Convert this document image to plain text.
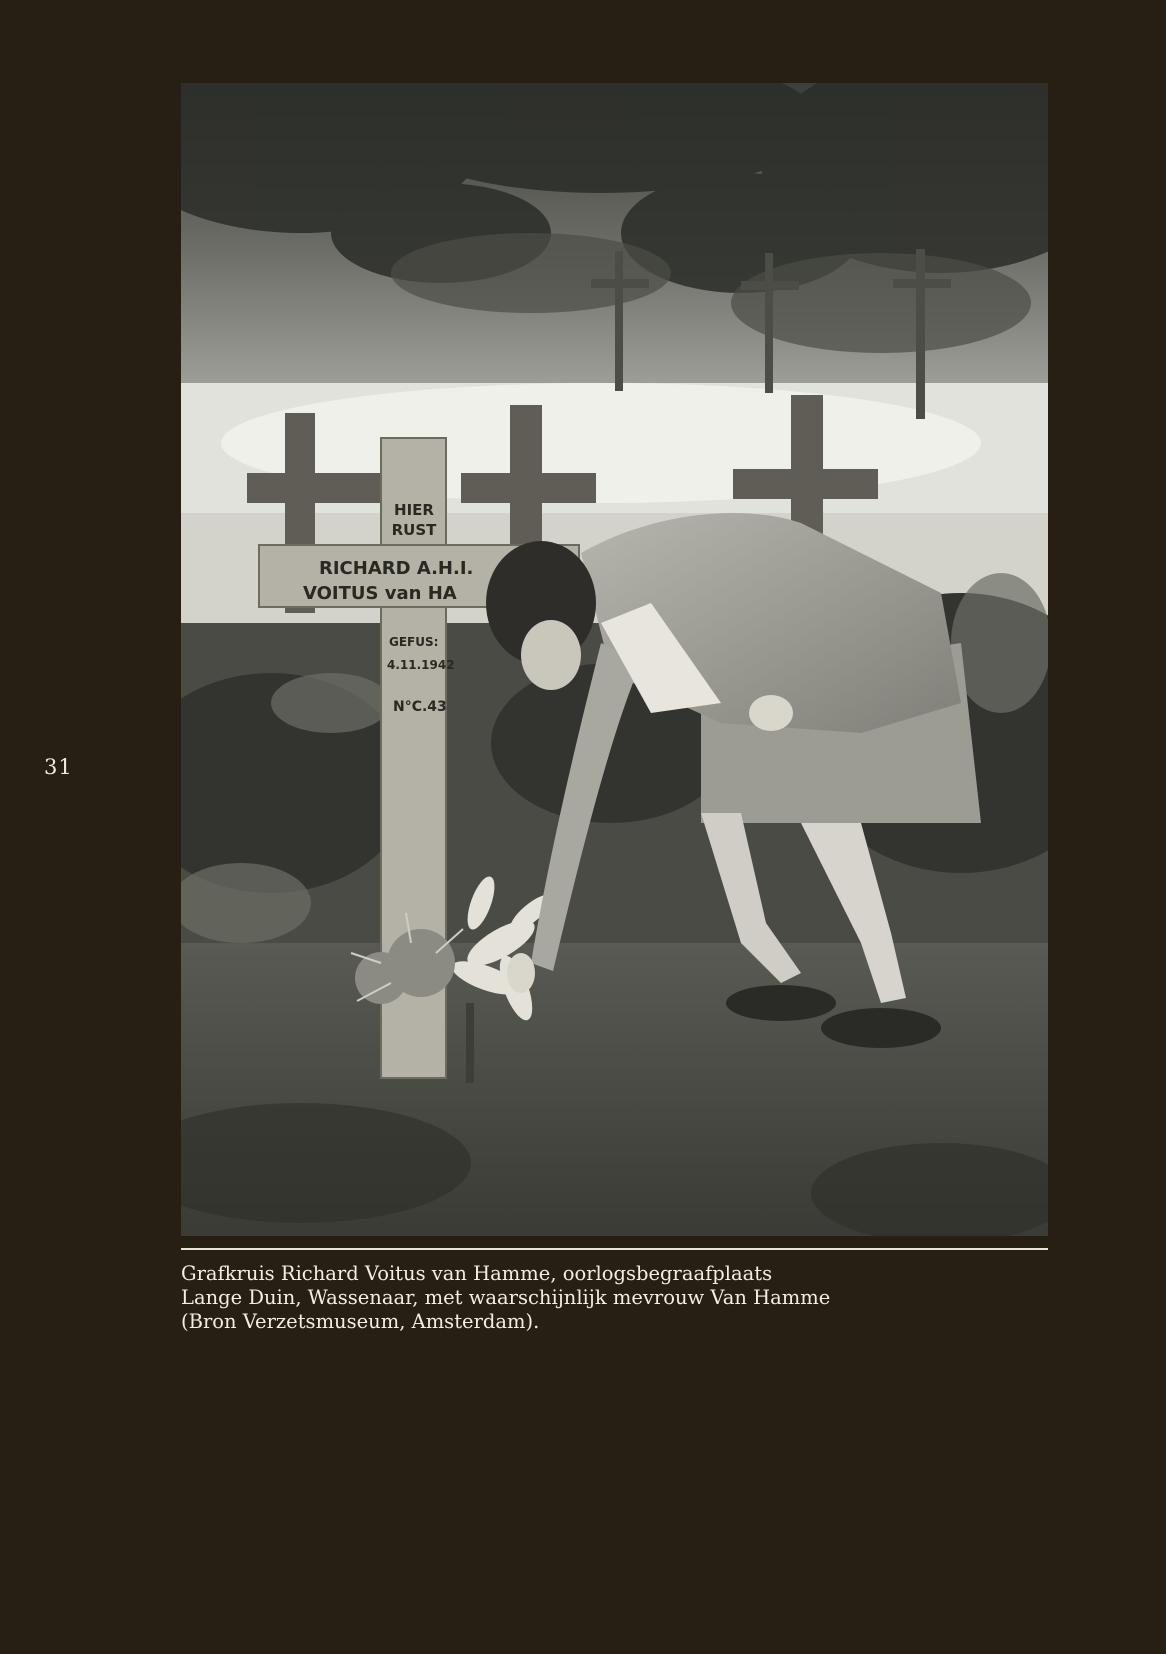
31
HIER
RUST
RICHARD A.H.I.
VOITUS van HA
GEFUS:
4.11.1942
N°C.43
Grafkruis Richard Voitus van Hamme, oorlogsbegraafplaats
Lange Duin, Wassenaar, met waarschijnlijk mevrouw Van Hamme
(Bron Verzetsmuseum, Amsterdam).
